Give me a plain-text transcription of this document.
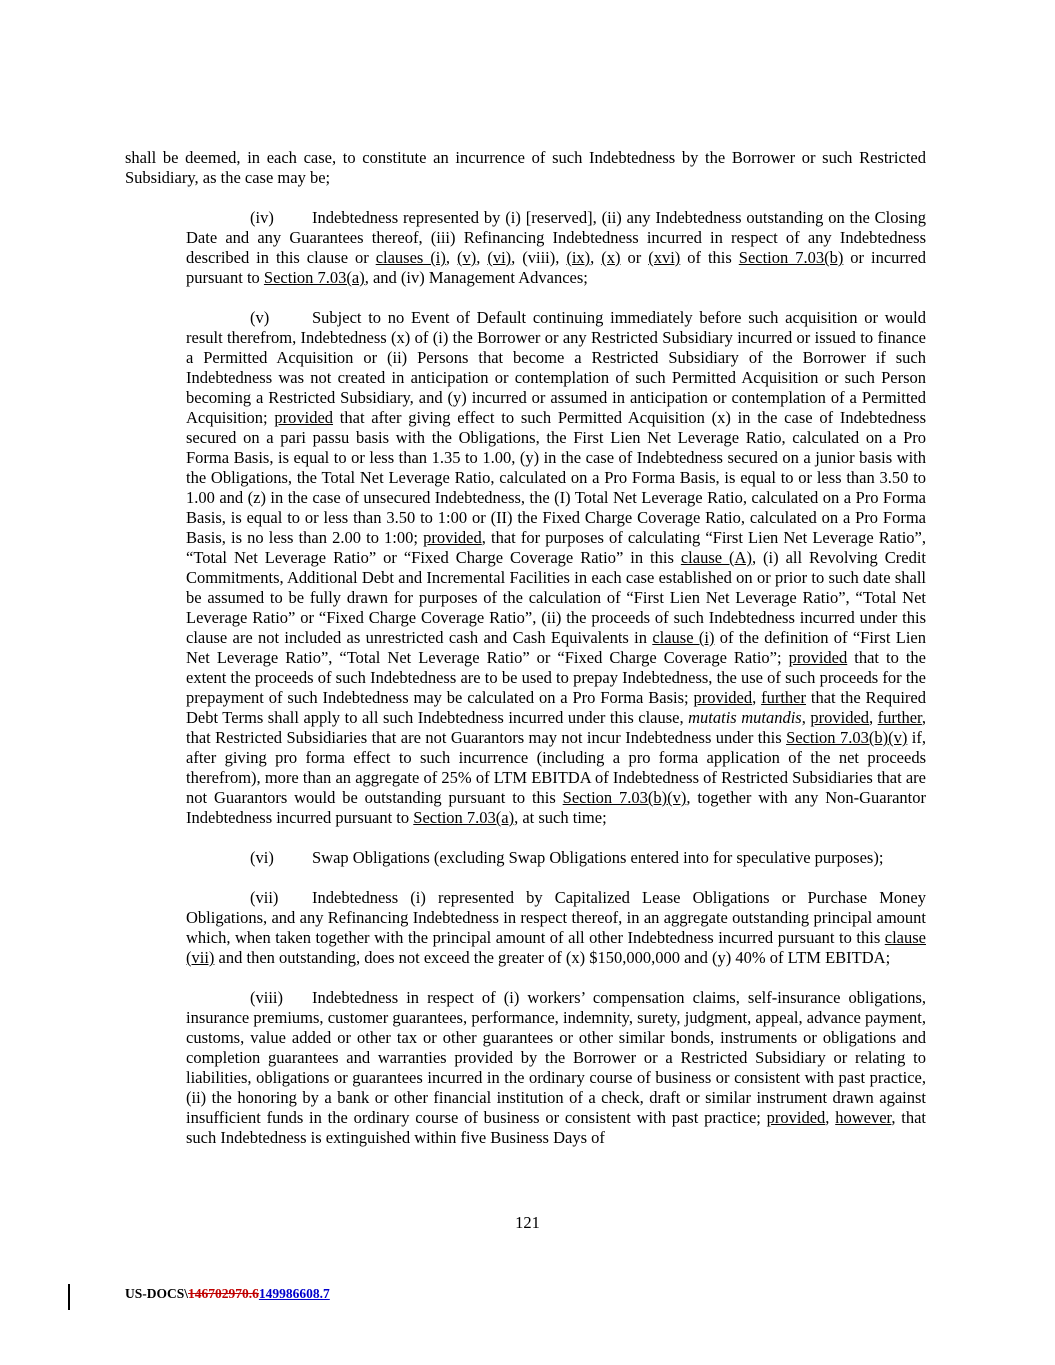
shall be deemed, in each case, to constitute an incurrence of such Indebtedness by the Borrower or such Restricted Subsidiary, as the case may be;
(iv) Indebtedness represented by (i) [reserved], (ii) any Indebtedness outstanding on the Closing Date and any Guarantees thereof, (iii) Refinancing Indebtedness incurred in respect of any Indebtedness described in this clause or clauses (i), (v), (vi), (viii), (ix), (x) or (xvi) of this Section 7.03(b) or incurred pursuant to Section 7.03(a), and (iv) Management Advances;
(v)	Subject to no Event of Default continuing immediately before such acquisition or would result therefrom, Indebtedness (x) of (i) the Borrower or any Restricted Subsidiary incurred or issued to finance a Permitted Acquisition or (ii) Persons that become a Restricted Subsidiary of the Borrower if such Indebtedness was not created in anticipation or contemplation of such Permitted Acquisition or such Person becoming a Restricted Subsidiary, and (y) incurred or assumed in anticipation or contemplation of a Permitted Acquisition; provided that after giving effect to such Permitted Acquisition (x) in the case of Indebtedness secured on a pari passu basis with the Obligations, the First Lien Net Leverage Ratio, calculated on a Pro Forma Basis, is equal to or less than 1.35 to 1.00, (y) in the case of Indebtedness secured on a junior basis with the Obligations, the Total Net Leverage Ratio, calculated on a Pro Forma Basis, is equal to or less than 3.50 to 1.00 and (z) in the case of unsecured Indebtedness, the (I) Total Net Leverage Ratio, calculated on a Pro Forma Basis, is equal to or less than 3.50 to 1:00 or (II) the Fixed Charge Coverage Ratio, calculated on a Pro Forma Basis, is no less than 2.00 to 1:00; provided, that for purposes of calculating “First Lien Net Leverage Ratio”, “Total Net Leverage Ratio” or “Fixed Charge Coverage Ratio” in this clause (A), (i) all Revolving Credit Commitments, Additional Debt and Incremental Facilities in each case established on or prior to such date shall be assumed to be fully drawn for purposes of the calculation of “First Lien Net Leverage Ratio”, “Total Net Leverage Ratio” or “Fixed Charge Coverage Ratio”, (ii) the proceeds of such Indebtedness incurred under this clause are not included as unrestricted cash and Cash Equivalents in clause (i) of the definition of “First Lien Net Leverage Ratio”, “Total Net Leverage Ratio” or “Fixed Charge Coverage Ratio”; provided that to the extent the proceeds of such Indebtedness are to be used to prepay Indebtedness, the use of such proceeds for the prepayment of such Indebtedness may be calculated on a Pro Forma Basis; provided, further that the Required Debt Terms shall apply to all such Indebtedness incurred under this clause, mutatis mutandis, provided, further, that Restricted Subsidiaries that are not Guarantors may not incur Indebtedness under this Section 7.03(b)(v) if, after giving pro forma effect to such incurrence (including a pro forma application of the net proceeds therefrom), more than an aggregate of 25% of LTM EBITDA of Indebtedness of Restricted Subsidiaries that are not Guarantors would be outstanding pursuant to this Section 7.03(b)(v), together with any Non-Guarantor Indebtedness incurred pursuant to Section 7.03(a), at such time;
(vi) Swap Obligations (excluding Swap Obligations entered into for speculative purposes);
(vii) Indebtedness (i) represented by Capitalized Lease Obligations or Purchase Money Obligations, and any Refinancing Indebtedness in respect thereof, in an aggregate outstanding principal amount which, when taken together with the principal amount of all other Indebtedness incurred pursuant to this clause (vii) and then outstanding, does not exceed the greater of (x) $150,000,000 and (y) 40% of LTM EBITDA;
(viii) Indebtedness in respect of (i) workers’ compensation claims, self-insurance obligations, insurance premiums, customer guarantees, performance, indemnity, surety, judgment, appeal, advance payment, customs, value added or other tax or other guarantees or other similar bonds, instruments or obligations and completion guarantees and warranties provided by the Borrower or a Restricted Subsidiary or relating to liabilities, obligations or guarantees incurred in the ordinary course of business or consistent with past practice, (ii) the honoring by a bank or other financial institution of a check, draft or similar instrument drawn against insufficient funds in the ordinary course of business or consistent with past practice; provided, however, that such Indebtedness is extinguished within five Business Days of
121
US-DOCS\146702970.6149986608.7
